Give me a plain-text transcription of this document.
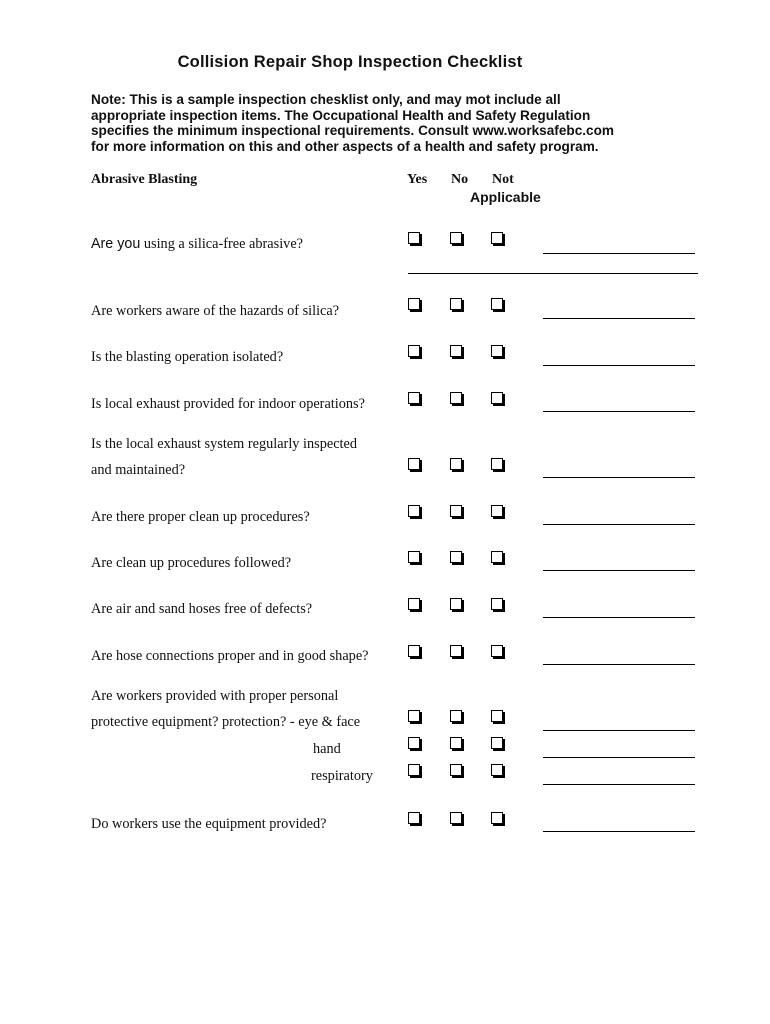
Collision Repair Shop Inspection Checklist
Note: This is a sample inspection chesklist only, and may mot include all
appropriate inspection items. The Occupational Health and Safety Regulation
specifies the minimum inspectional requirements. Consult www.worksafebc.com
for more information on this and other aspects of a health and safety program.
Abrasive Blasting	Yes No Not
Applicable
Are you using a silica-free abrasive?
Are workers aware of the hazards of silica?
Is the blasting operation isolated?
Is local exhaust provided for indoor operations?
Is the local exhaust system regularly inspected
and maintained?
Are there proper clean up procedures?
Are clean up procedures followed?
Are air and sand hoses free of defects?
Are hose connections proper and in good shape?
Are workers provided with proper personal
protective equipment? protection? - eye & face
hand
respiratory
Do workers use the equipment provided?
